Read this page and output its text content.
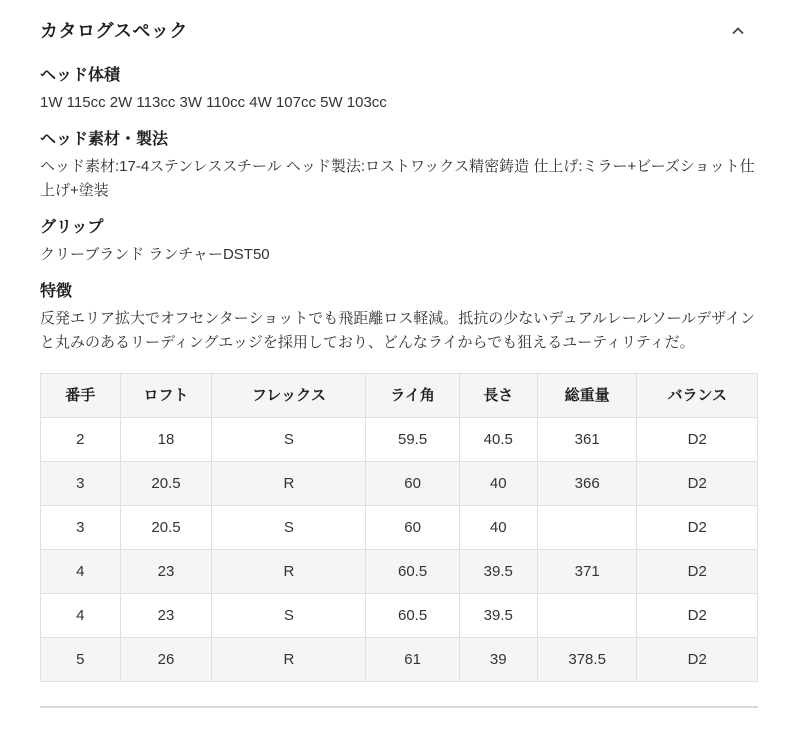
カタログスペック
ヘッド体積

1W 115cc 2W 113cc 3W 110cc 4W 107cc 5W 103cc

ヘッド素材・製法

ヘッド素材:17-4ステンレススチール ヘッド製法:ロストワックス精密鋳造 仕上げ:ミラー+ビーズショット仕上げ+塗装

グリップ

クリーブランド ランチャーDST50

特徴

反発エリア拡大でオフセンターショットでも飛距離ロス軽減。抵抗の少ないデュアルレールソールデザインと丸みのあるリーディングエッジを採用しており、どんなライからでも狙えるユーティリティだ。

番手	ロフト	フレックス	ライ角	長さ	総重量	バランス
2	18	S	59.5	40.5	361	D2
3	20.5	R	60	40	366	D2
3	20.5	S	60	40		D2
4	23	R	60.5	39.5	371	D2
4	23	S	60.5	39.5		D2
5	26	R	61	39	378.5	D2
